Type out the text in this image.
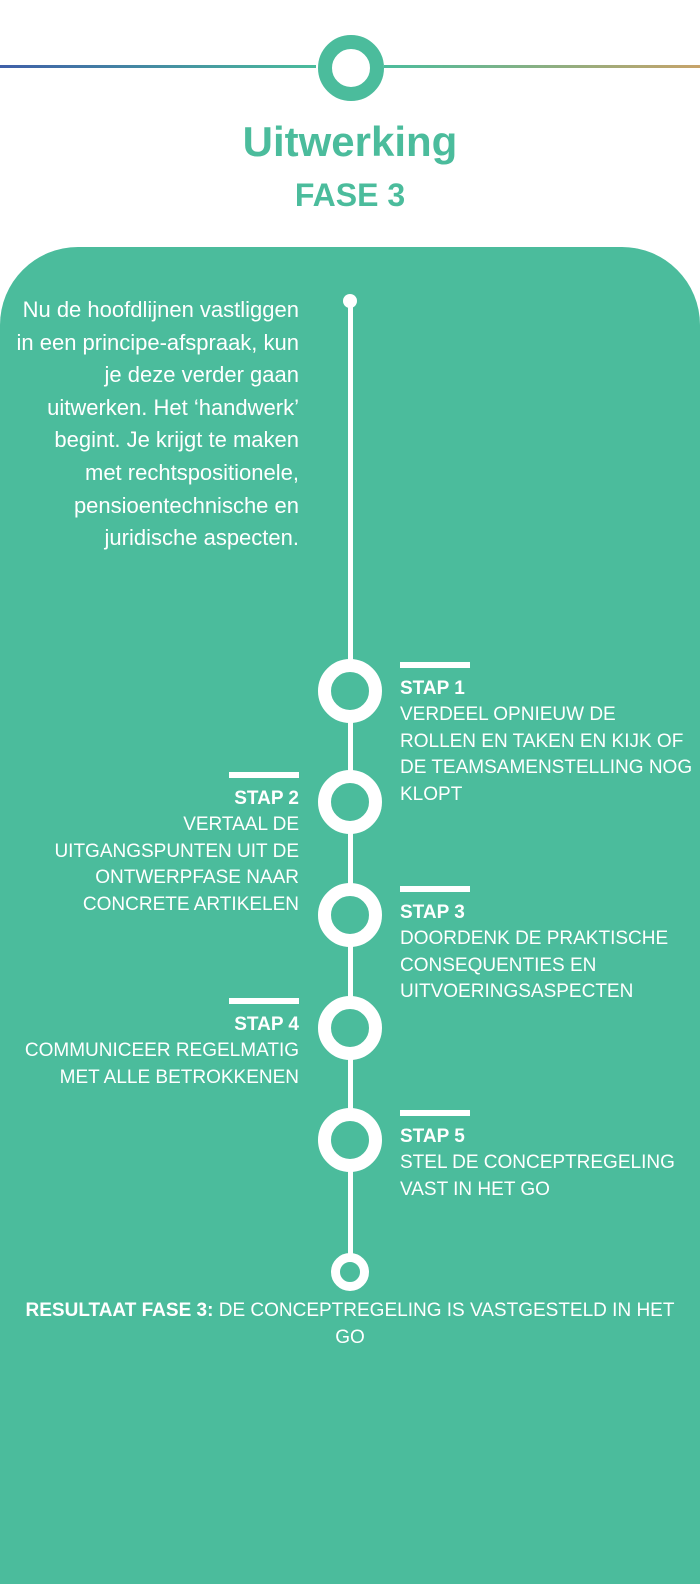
Uitwerking
FASE 3

Nu de hoofdlijnen vastliggen in een principe-afspraak, kun je deze verder gaan uitwerken. Het ‘handwerk’ begint. Je krijgt te maken met rechtspositionele, pensioentechnische en juridische aspecten.

STAP 1
VERDEEL OPNIEUW DE ROLLEN EN TAKEN EN KIJK OF DE TEAMSAMENSTELLING NOG KLOPT
STAP 2
VERTAAL DE UITGANGSPUNTEN UIT DE ONTWERPFASE NAAR CONCRETE ARTIKELEN	STAP 3
DOORDENK DE PRAKTISCHE CONSEQUENTIES EN UITVOERINGSASPECTEN
STAP 4
COMMUNICEER REGELMATIG MET ALLE BETROKKENEN
STAP 5
STEL DE CONCEPTREGELING VAST IN HET GO

RESULTAAT FASE 3: DE CONCEPTREGELING IS VASTGESTELD IN HET GO
